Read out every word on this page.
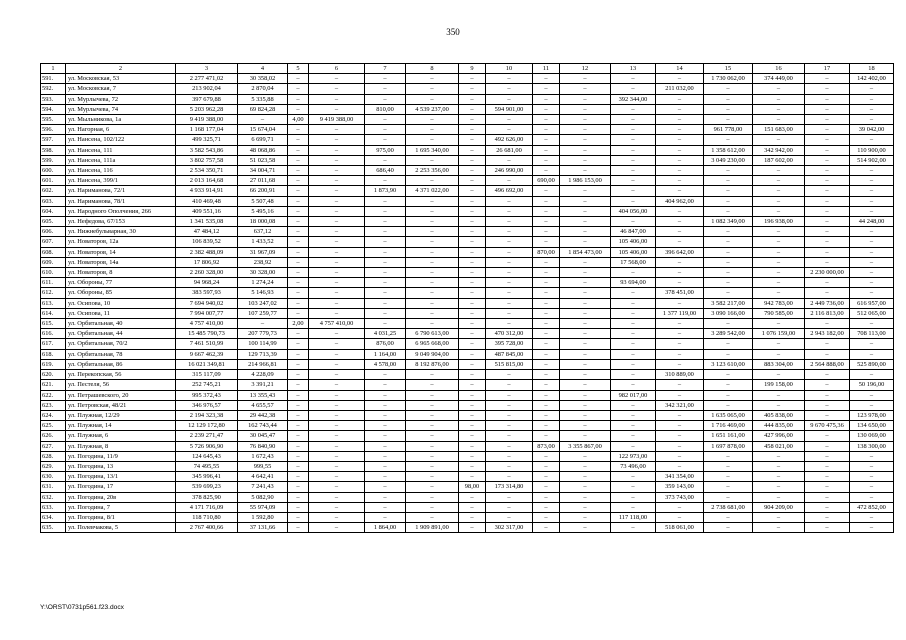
350
1	2	3	4	5	6	7	8	9	10	11	12	13	14	15	16	17	18
591.	ул. Московская, 53	2 277 471,02	30 358,02	–	–	–	–	–	–	–	–	–	–	1 730 062,00	374 449,00	–	142 402,00
592.	ул. Московская, 7	213 902,04	2 870,04	–	–	–	–	–	–	–	–	–	211 032,00	–	–	–	–
593.	ул. Мурлычева, 72	397 679,88	5 335,88	–	–	–	–	–	–	–	–	392 344,00	–	–	–	–	–
594.	ул. Мурлычева, 74	5 203 962,28	69 824,28	–	–	810,00	4 539 237,00	–	594 901,00	–	–	–	–	–	–	–	–
595.	ул. Мыльникова, 1а	9 419 388,00	–	4,00	9 419 388,00	–	–	–	–	–	–	–	–	–	–	–	–
596.	ул. Нагорная, 6	1 168 177,04	15 674,04	–	–	–	–	–	–	–	–	–	–	961 778,00	151 683,00	–	39 042,00
597.	ул. Нансена, 102/122	499 325,71	6 699,71	–	–	–	–	–	492 626,00	–	–	–	–	–	–	–	–
598.	ул. Нансена, 111	3 582 543,86	48 068,86	–	–	975,00	1 695 340,00	–	26 681,00	–	–	–	–	1 358 612,00	342 942,00	–	110 900,00
599.	ул. Нансена, 111а	3 802 757,58	51 023,58	–	–	–	–	–	–	–	–	–	–	3 049 230,00	187 602,00	–	514 902,00
600.	ул. Нансена, 116	2 534 350,71	34 004,71	–	–	686,40	2 253 356,00	–	246 990,00	–	–	–	–	–	–	–	–
601.	ул. Нансена, 399/1	2 013 164,68	27 011,68	–	–	–	–	–	–	690,00	1 986 153,00	–	–	–	–	–	–
602.	ул. Нариманова, 72/1	4 933 914,91	66 200,91	–	–	1 873,90	4 371 022,00	–	496 692,00	–	–	–	–	–	–	–	–
603.	ул. Нариманова, 78/1	410 469,48	5 507,48	–	–	–	–	–	–	–	–	–	404 962,00	–	–	–	–
604.	ул. Народного Ополчения, 266	409 551,16	5 495,16	–	–	–	–	–	–	–	–	404 056,00	–	–	–	–	–
605.	ул. Нефедова, 67/153	1 341 535,08	18 000,08	–	–	–	–	–	–	–	–	–	–	1 082 349,00	196 938,00	–	44 248,00
606.	ул. Нижнебульварная, 30	47 484,12	637,12	–	–	–	–	–	–	–	–	46 847,00	–	–	–	–	–
607.	ул. Новаторов, 12а	106 839,52	1 433,52	–	–	–	–	–	–	–	–	105 406,00	–	–	–	–	–
608.	ул. Новаторов, 14	2 382 488,09	31 967,09	–	–	–	–	–	–	870,00	1 854 473,00	105 406,00	396 642,00	–	–	–	–
609.	ул. Новаторов, 14а	17 806,92	238,92	–	–	–	–	–	–	–	–	17 568,00	–	–	–	–	–
610.	ул. Новаторов, 8	2 260 328,00	30 328,00	–	–	–	–	–	–	–	–	–	–	–	–	2 230 000,00	–
611.	ул. Обороны, 77	94 968,24	1 274,24	–	–	–	–	–	–	–	–	93 694,00	–	–	–	–	–
612.	ул. Обороны, 85	383 597,93	5 146,93	–	–	–	–	–	–	–	–	–	378 451,00	–	–	–	–
613.	ул. Осипова, 10	7 694 940,02	103 247,02	–	–	–	–	–	–	–	–	–	–	3 582 217,00	942 783,00	2 449 736,00	616 957,00
614.	ул. Осипова, 11	7 994 007,77	107 259,77	–	–	–	–	–	–	–	–	–	1 377 119,00	3 090 166,00	790 585,00	2 116 813,00	512 065,00
615.	ул. Орбитальная, 40	4 757 410,00	–	2,00	4 757 410,00	–	–	–	–	–	–	–	–	–	–	–	–
616.	ул. Орбитальная, 44	15 485 790,73	207 779,73	–	–	4 031,25	6 790 613,00	–	470 312,00	–	–	–	–	3 289 542,00	1 076 159,00	2 943 182,00	708 113,00
617.	ул. Орбитальная, 70/2	7 461 510,99	100 114,99	–	–	876,00	6 965 668,00	–	395 728,00	–	–	–	–	–	–	–	–
618.	ул. Орбитальная, 78	9 667 462,39	129 713,39	–	–	1 164,00	9 049 904,00	–	487 845,00	–	–	–	–	–	–	–	–
619.	ул. Орбитальная, 86	16 021 349,81	214 966,81	–	–	4 578,00	8 192 876,00	–	515 815,00	–	–	–	–	3 123 610,00	883 304,00	2 564 888,00	525 890,00
620.	ул. Перекопская, 56	315 117,09	4 228,09	–	–	–	–	–	–	–	–	–	310 889,00	–	–	–	–
621.	ул. Пестеля, 56	252 745,21	3 391,21	–	–	–	–	–	–	–	–	–	–	–	199 158,00	–	50 196,00
622.	ул. Петрашевского, 20	995 372,43	13 355,43	–	–	–	–	–	–	–	–	982 017,00	–	–	–	–	–
623.	ул. Петровская, 48/21	346 976,57	4 655,57	–	–	–	–	–	–	–	–	–	342 321,00	–	–	–	–
624.	ул. Плужная, 12/29	2 194 323,38	29 442,38	–	–	–	–	–	–	–	–	–	–	1 635 065,00	405 838,00	–	123 978,00
625.	ул. Плужная, 14	12 129 172,80	162 743,44	–	–	–	–	–	–	–	–	–	–	1 716 469,00	444 835,00	9 670 475,36	134 650,00
626.	ул. Плужная, 6	2 239 271,47	30 045,47	–	–	–	–	–	–	–	–	–	–	1 651 161,00	427 996,00	–	130 069,00
627.	ул. Плужная, 8	5 726 906,90	76 840,90	–	–	–	–	–	–	873,00	3 355 867,00	–	–	1 697 878,00	458 021,00	–	138 300,00
628.	ул. Погодина, 11/9	124 645,43	1 672,43	–	–	–	–	–	–	–	–	122 973,00	–	–	–	–	–
629.	ул. Погодина, 13	74 495,55	999,55	–	–	–	–	–	–	–	–	73 496,00	–	–	–	–	–
630.	ул. Погодина, 13/1	345 996,41	4 642,41	–	–	–	–	–	–	–	–	–	341 354,00	–	–	–	–
631.	ул. Погодина, 17	539 699,23	7 241,43	–	–	–	–	98,00	173 314,80	–	–	–	359 143,00	–	–	–	–
632.	ул. Погодина, 20в	378 825,90	5 082,90	–	–	–	–	–	–	–	–	–	373 743,00	–	–	–	–
633.	ул. Погодина, 7	4 171 716,09	55 974,09	–	–	–	–	–	–	–	–	–	–	2 738 681,00	904 209,00	–	472 852,00
634.	ул. Погодина, 8/1	118 710,80	1 592,80	–	–	–	–	–	–	–	–	117 118,00	–	–	–	–	–
635.	ул. Полевчакова, 5	2 767 400,66	37 131,66	–	–	1 864,00	1 909 891,00	–	302 317,00	–	–	–	518 061,00	–	–	–	–
Y:\ORST\0731p561.f23.docx
